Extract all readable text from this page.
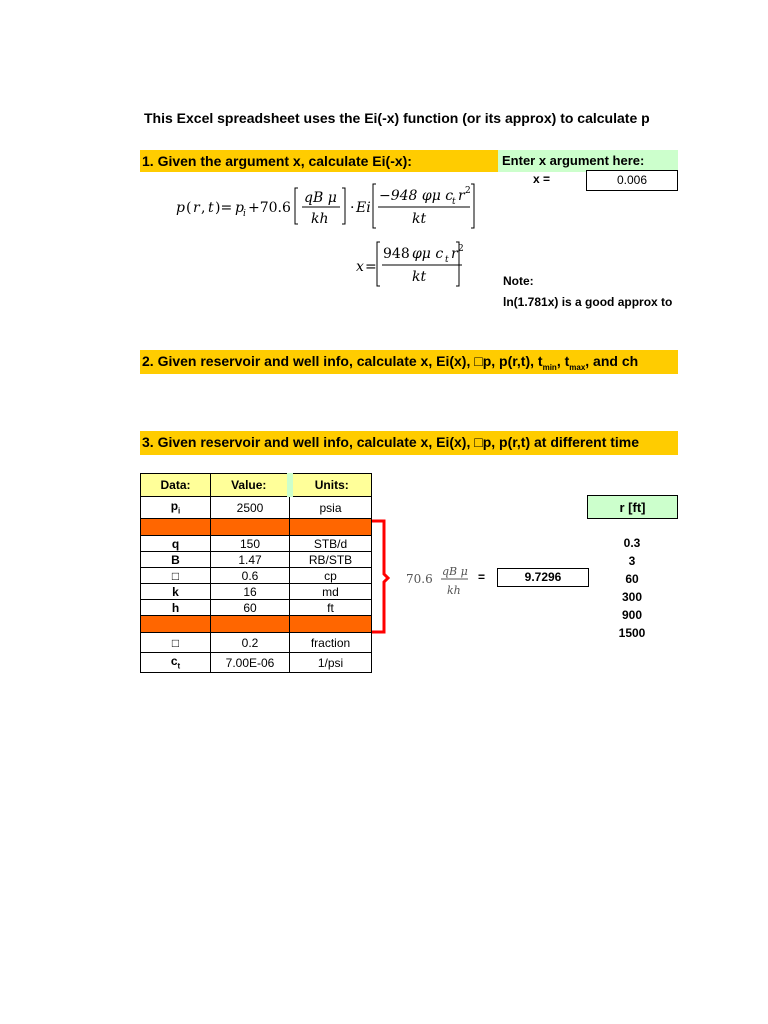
This Excel spreadsheet uses the Ei(-x) function (or its approx) to calculate p
1. Given the argument x, calculate Ei(-x):	Enter x argument here:
x =	0.006
p ( r , t )= p i +70.6
qB μ
kh
· Ei
−948 φμ c
t r 2
kt
x =
948 φμ c t r 2
kt	Note:
ln(1.781x) is a good approx to
2. Given reservoir and well info, calculate x, Ei(x), □p, p(r,t), $t_{min}$, $t_{max}$, and ch
3. Given reservoir and well info, calculate x, Ei(x), □p, p(r,t) at different time
Data:	Value:	Units:
$p_i$	2500	psia

q	150	STB/d
B	1.47	RB/STB
□	0.6	cp
k	16	md
h	60	ft

□	0.2	fraction
$c_t$	7.00E-06	1/psi
70.6
qB μ
kh
=	9.7296
r [ft]
0.3
3
60
300
900
1500
